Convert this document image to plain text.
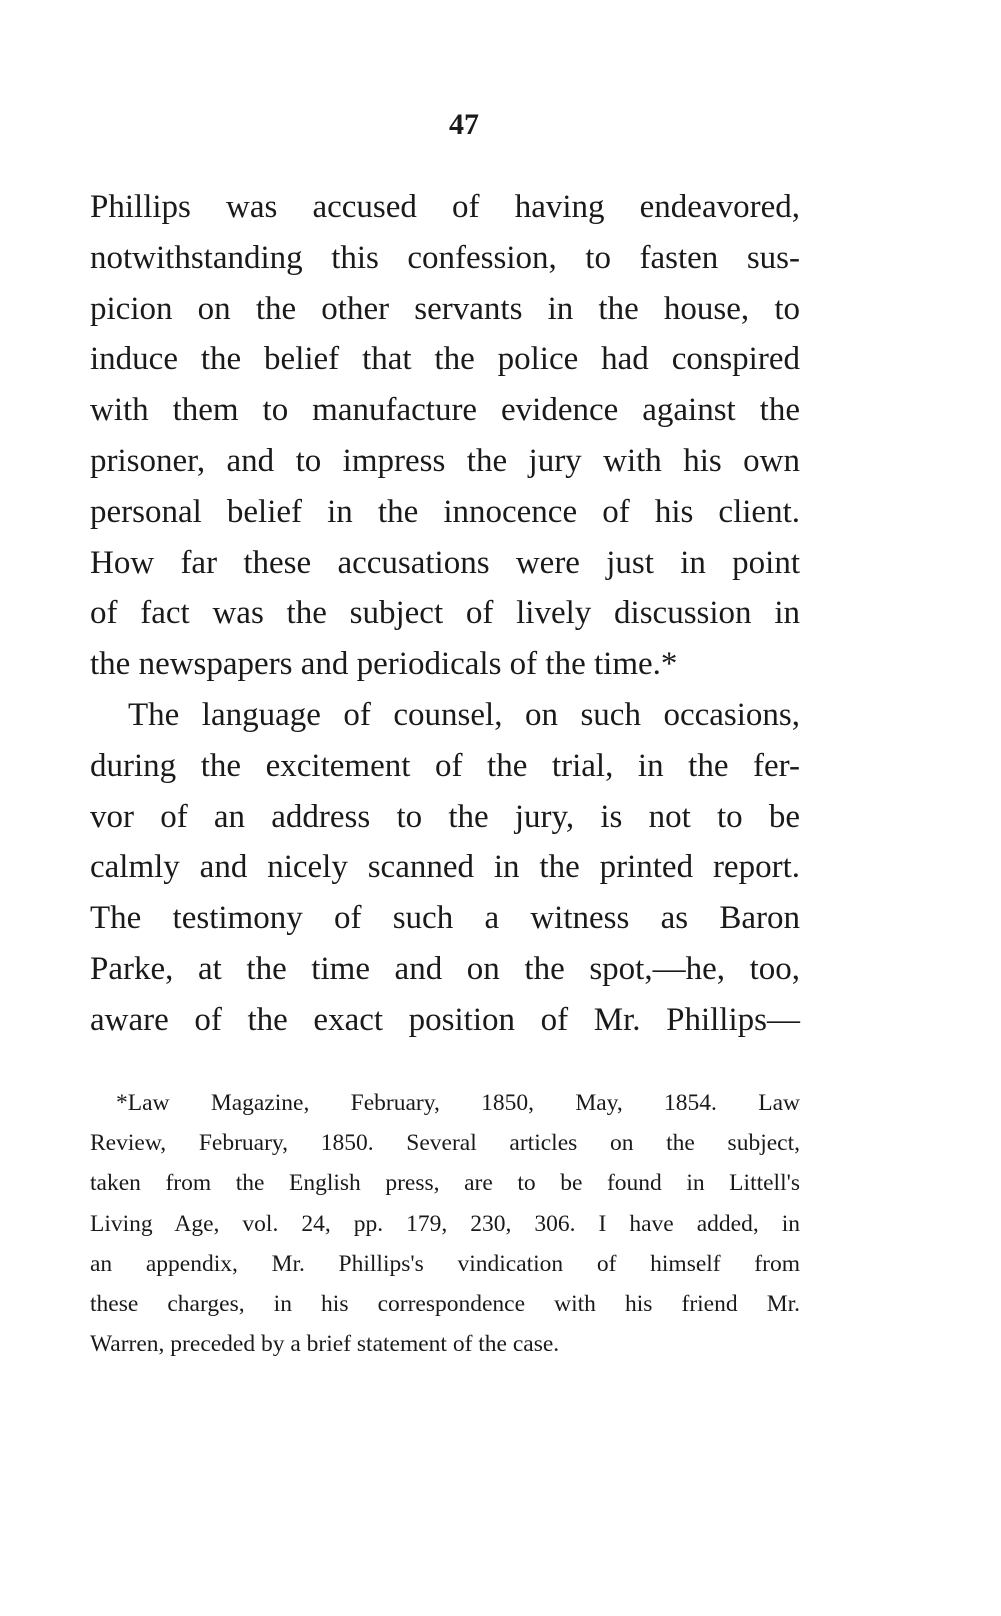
47
Phillips was accused of having endeavored,
notwithstanding this confession, to fasten sus-
picion on the other servants in the house, to
induce the belief that the police had conspired
with them to manufacture evidence against the
prisoner, and to impress the jury with his own
personal belief in the innocence of his client.
How far these accusations were just in point
of fact was the subject of lively discussion in
the newspapers and periodicals of the time.*
The language of counsel, on such occasions,
during the excitement of the trial, in the fer-
vor of an address to the jury, is not to be
calmly and nicely scanned in the printed report.
The testimony of such a witness as Baron
Parke, at the time and on the spot,—he, too,
aware of the exact position of Mr. Phillips—
*Law Magazine, February, 1850, May, 1854. Law
Review, February, 1850. Several articles on the subject,
taken from the English press, are to be found in Littell's
Living Age, vol. 24, pp. 179, 230, 306. I have added, in
an appendix, Mr. Phillips's vindication of himself from
these charges, in his correspondence with his friend Mr.
Warren, preceded by a brief statement of the case.
